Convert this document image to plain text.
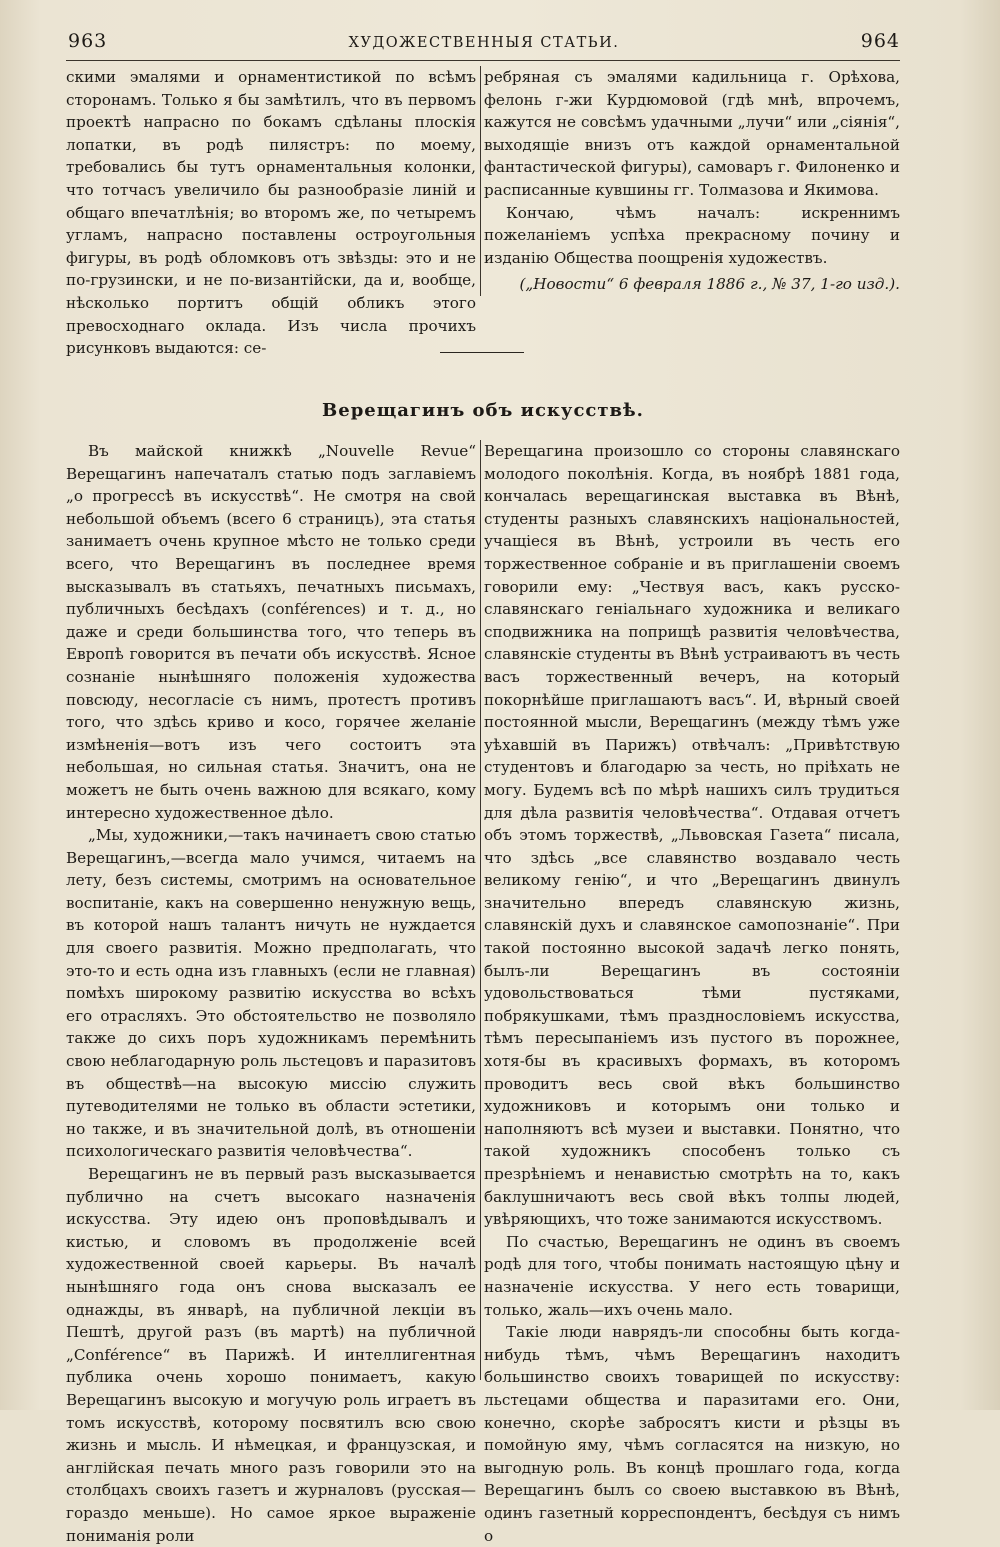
963	ХУДОЖЕСТВЕННЫЯ СТАТЬИ.	964

скими эмалями и орнаментистикой по всѣмъ сторонамъ. Только я бы замѣтилъ, что въ первомъ проектѣ напрасно по бокамъ сдѣланы плоскія лопатки, въ родѣ пилястръ: по моему, требовались бы тутъ орнаментальныя колонки, что тотчасъ увеличило бы разнообразіе линій и общаго впечатлѣнія; во второмъ же, по четыремъ угламъ, напрасно поставлены остроугольныя фигуры, въ родѣ обломковъ отъ звѣзды: это и не по-грузински, и не по-византійски, да и, вообще, нѣсколько портитъ общій обликъ этого превосходнаго оклада. Изъ числа прочихъ рисунковъ выдаются: се-

ребряная съ эмалями кадильница г. Орѣхова, фелонь г-жи Курдюмовой (гдѣ мнѣ, впрочемъ, кажутся не совсѣмъ удачными „лучи“ или „сіянія“, выходящіе внизъ отъ каждой орнаментальной фантастической фигуры), самоваръ г. Филоненко и расписанные кувшины гг. Толмазова и Якимова.

Кончаю, чѣмъ началъ: искреннимъ пожеланіемъ успѣха прекрасному почину и изданію Общества поощренія художествъ.

(„Новости“ 6 февраля 1886 г., № 37, 1-го изд.).
Верещагинъ объ искусствѣ.

Въ майской книжкѣ „Nouvelle Revue“ Верещагинъ напечаталъ статью подъ заглавіемъ „о прогрессѣ въ искусствѣ“. Не смотря на свой небольшой объемъ (всего 6 страницъ), эта статья занимаетъ очень крупное мѣсто не только среди всего, что Верещагинъ въ последнее время высказывалъ въ статьяхъ, печатныхъ письмахъ, публичныхъ бесѣдахъ (conférences) и т. д., но даже и среди большинства того, что теперь въ Европѣ говорится въ печати объ искусствѣ. Ясное сознаніе нынѣшняго положенія художества повсюду, несогласіе съ нимъ, протестъ противъ того, что здѣсь криво и косо, горячее желаніе измѣненія—вотъ изъ чего состоитъ эта небольшая, но сильная статья. Значитъ, она не можетъ не быть очень важною для всякаго, кому интересно художественное дѣло.

„Мы, художники,—такъ начинаетъ свою статью Верещагинъ,—всегда мало учимся, читаемъ на лету, безъ системы, смотримъ на основательное воспитаніе, какъ на совершенно ненужную вещь, въ которой нашъ талантъ ничуть не нуждается для своего развитія. Можно предполагать, что это-то и есть одна изъ главныхъ (если не главная) помѣхъ широкому развитію искусства во всѣхъ его отрасляхъ. Это обстоятельство не позволяло также до сихъ поръ художникамъ перемѣнить свою неблагодарную роль льстецовъ и паразитовъ въ обществѣ—на высокую миссію служить путеводителями не только въ области эстетики, но также, и въ значительной долѣ, въ отношеніи психологическаго развитія человѣчества“.

Верещагинъ не въ первый разъ высказывается публично на счетъ высокаго назначенія искусства. Эту идею онъ проповѣдывалъ и кистью, и словомъ въ продолженіе всей художественной своей карьеры. Въ началѣ нынѣшняго года онъ снова высказалъ ее однажды, въ январѣ, на публичной лекціи въ Пештѣ, другой разъ (въ мартѣ) на публичной „Conférence“ въ Парижѣ. И интеллигентная публика очень хорошо понимаетъ, какую Верещагинъ высокую и могучую роль играетъ въ томъ искусствѣ, которому посвятилъ всю свою жизнь и мысль. И нѣмецкая, и французская, и англійская печать много разъ говорили это на столбцахъ своихъ газетъ и журналовъ (русская—гораздо меньше). Но самое яркое выраженіе пониманія роли

Верещагина произошло со стороны славянскаго молодого поколѣнія. Когда, въ ноябрѣ 1881 года, кончалась верещагинская выставка въ Вѣнѣ, студенты разныхъ славянскихъ національностей, учащіеся въ Вѣнѣ, устроили въ честь его торжественное собраніе и въ приглашеніи своемъ говорили ему: „Чествуя васъ, какъ русско-славянскаго геніальнаго художника и великаго сподвижника на поприщѣ развитія человѣчества, славянскіе студенты въ Вѣнѣ устраиваютъ въ честь васъ торжественный вечеръ, на который покорнѣйше приглашаютъ васъ“. И, вѣрный своей постоянной мысли, Верещагинъ (между тѣмъ уже уѣхавшій въ Парижъ) отвѣчалъ: „Привѣтствую студентовъ и благодарю за честь, но пріѣхать не могу. Будемъ всѣ по мѣрѣ нашихъ силъ трудиться для дѣла развитія человѣчества“. Отдавая отчетъ объ этомъ торжествѣ, „Львовская Газета“ писала, что здѣсь „все славянство воздавало честь великому генію“, и что „Верещагинъ двинулъ значительно впередъ славянскую жизнь, славянскій духъ и славянское самопознаніе“. При такой постоянно высокой задачѣ легко понять, былъ-ли Верещагинъ въ состояніи удовольствоваться тѣми пустяками, побрякушками, тѣмъ празднословіемъ искусства, тѣмъ пересыпаніемъ изъ пустого въ порожнее, хотя-бы въ красивыхъ формахъ, въ которомъ проводитъ весь свой вѣкъ большинство художниковъ и которымъ они только и наполняютъ всѣ музеи и выставки. Понятно, что такой художникъ способенъ только съ презрѣніемъ и ненавистью смотрѣть на то, какъ баклушничаютъ весь свой вѣкъ толпы людей, увѣряющихъ, что тоже занимаются искусствомъ.

По счастью, Верещагинъ не одинъ въ своемъ родѣ для того, чтобы понимать настоящую цѣну и назначеніе искусства. У него есть товарищи, только, жаль—ихъ очень мало.

Такіе люди наврядъ-ли способны быть когда-нибудь тѣмъ, чѣмъ Верещагинъ находитъ большинство своихъ товарищей по искусству: льстецами общества и паразитами его. Они, конечно, скорѣе забросятъ кисти и рѣзцы въ помойную яму, чѣмъ согласятся на низкую, но выгодную роль. Въ концѣ прошлаго года, когда Верещагинъ былъ со своею выставкою въ Вѣнѣ, одинъ газетный корреспондентъ, бесѣдуя съ нимъ о
